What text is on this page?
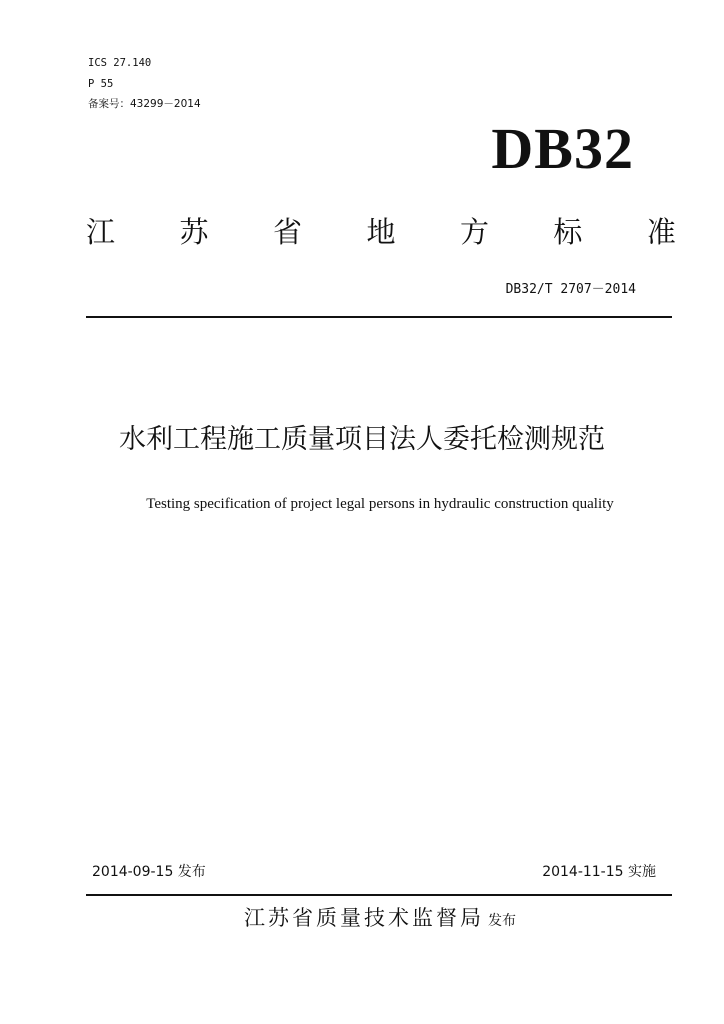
ICS 27.140
P 55
备案号：43299－2014
DB32
江 苏 省 地 方 标 准
DB32/T 2707－2014
水利工程施工质量项目法人委托检测规范
Testing specification of project legal persons in hydraulic construction quality
2014-09-15 发布	2014-11-15 实施
江苏省质量技术监督局 发布
